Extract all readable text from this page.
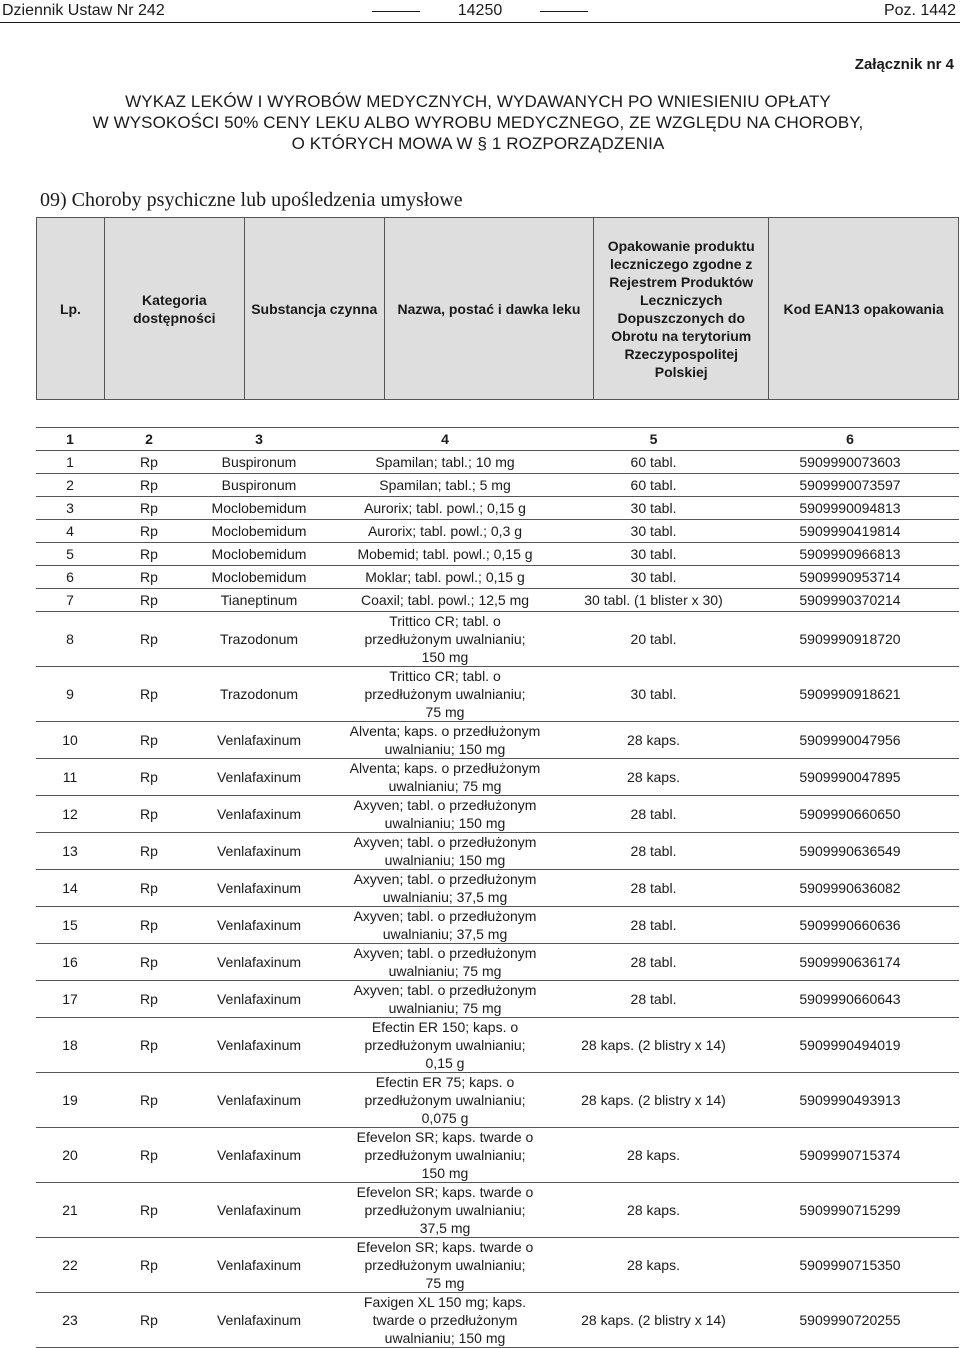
Dziennik Ustaw Nr 242	14250	Poz. 1442
Załącznik nr 4
WYKAZ LEKÓW I WYROBÓW MEDYCZNYCH, WYDAWANYCH PO WNIESIENIU OPŁATY
W WYSOKOŚCI 50% CENY LEKU ALBO WYROBU MEDYCZNEGO, ZE WZGLĘDU NA CHOROBY,
O KTÓRYCH MOWA W § 1 ROZPORZĄDZENIA
09) Choroby psychiczne lub upośledzenia umysłowe
Lp.	Kategoria dostępności	Substancja czynna	Nazwa, postać i dawka leku	Opakowanie produktu leczniczego zgodne z Rejestrem Produktów Leczniczych Dopuszczonych do Obrotu na terytorium Rzeczypospolitej Polskiej	Kod EAN13 opakowania
1	2	3	4	5	6
1	Rp	Buspironum	Spamilan; tabl.; 10 mg	60 tabl.	5909990073603
2	Rp	Buspironum	Spamilan; tabl.; 5 mg	60 tabl.	5909990073597
3	Rp	Moclobemidum	Aurorix; tabl. powl.; 0,15 g	30 tabl.	5909990094813
4	Rp	Moclobemidum	Aurorix; tabl. powl.; 0,3 g	30 tabl.	5909990419814
5	Rp	Moclobemidum	Mobemid; tabl. powl.; 0,15 g	30 tabl.	5909990966813
6	Rp	Moclobemidum	Moklar; tabl. powl.; 0,15 g	30 tabl.	5909990953714
7	Rp	Tianeptinum	Coaxil; tabl. powl.; 12,5 mg	30 tabl. (1 blister x 30)	5909990370214
8	Rp	Trazodonum	Trittico CR; tabl. o
przedłużonym uwalnianiu;
150 mg	20 tabl.	5909990918720
9	Rp	Trazodonum	Trittico CR; tabl. o
przedłużonym uwalnianiu;
75 mg	30 tabl.	5909990918621
10	Rp	Venlafaxinum	Alventa; kaps. o przedłużonym
uwalnianiu; 150 mg	28 kaps.	5909990047956
11	Rp	Venlafaxinum	Alventa; kaps. o przedłużonym
uwalnianiu; 75 mg	28 kaps.	5909990047895
12	Rp	Venlafaxinum	Axyven; tabl. o przedłużonym
uwalnianiu; 150 mg	28 tabl.	5909990660650
13	Rp	Venlafaxinum	Axyven; tabl. o przedłużonym
uwalnianiu; 150 mg	28 tabl.	5909990636549
14	Rp	Venlafaxinum	Axyven; tabl. o przedłużonym
uwalnianiu; 37,5 mg	28 tabl.	5909990636082
15	Rp	Venlafaxinum	Axyven; tabl. o przedłużonym
uwalnianiu; 37,5 mg	28 tabl.	5909990660636
16	Rp	Venlafaxinum	Axyven; tabl. o przedłużonym
uwalnianiu; 75 mg	28 tabl.	5909990636174
17	Rp	Venlafaxinum	Axyven; tabl. o przedłużonym
uwalnianiu; 75 mg	28 tabl.	5909990660643
18	Rp	Venlafaxinum	Efectin ER 150; kaps. o
przedłużonym uwalnianiu;
0,15 g	28 kaps. (2 blistry x 14)	5909990494019
19	Rp	Venlafaxinum	Efectin ER 75; kaps. o
przedłużonym uwalnianiu;
0,075 g	28 kaps. (2 blistry x 14)	5909990493913
20	Rp	Venlafaxinum	Efevelon SR; kaps. twarde o
przedłużonym uwalnianiu;
150 mg	28 kaps.	5909990715374
21	Rp	Venlafaxinum	Efevelon SR; kaps. twarde o
przedłużonym uwalnianiu;
37,5 mg	28 kaps.	5909990715299
22	Rp	Venlafaxinum	Efevelon SR; kaps. twarde o
przedłużonym uwalnianiu;
75 mg	28 kaps.	5909990715350
23	Rp	Venlafaxinum	Faxigen XL 150 mg; kaps.
twarde o przedłużonym
uwalnianiu; 150 mg	28 kaps. (2 blistry x 14)	5909990720255
